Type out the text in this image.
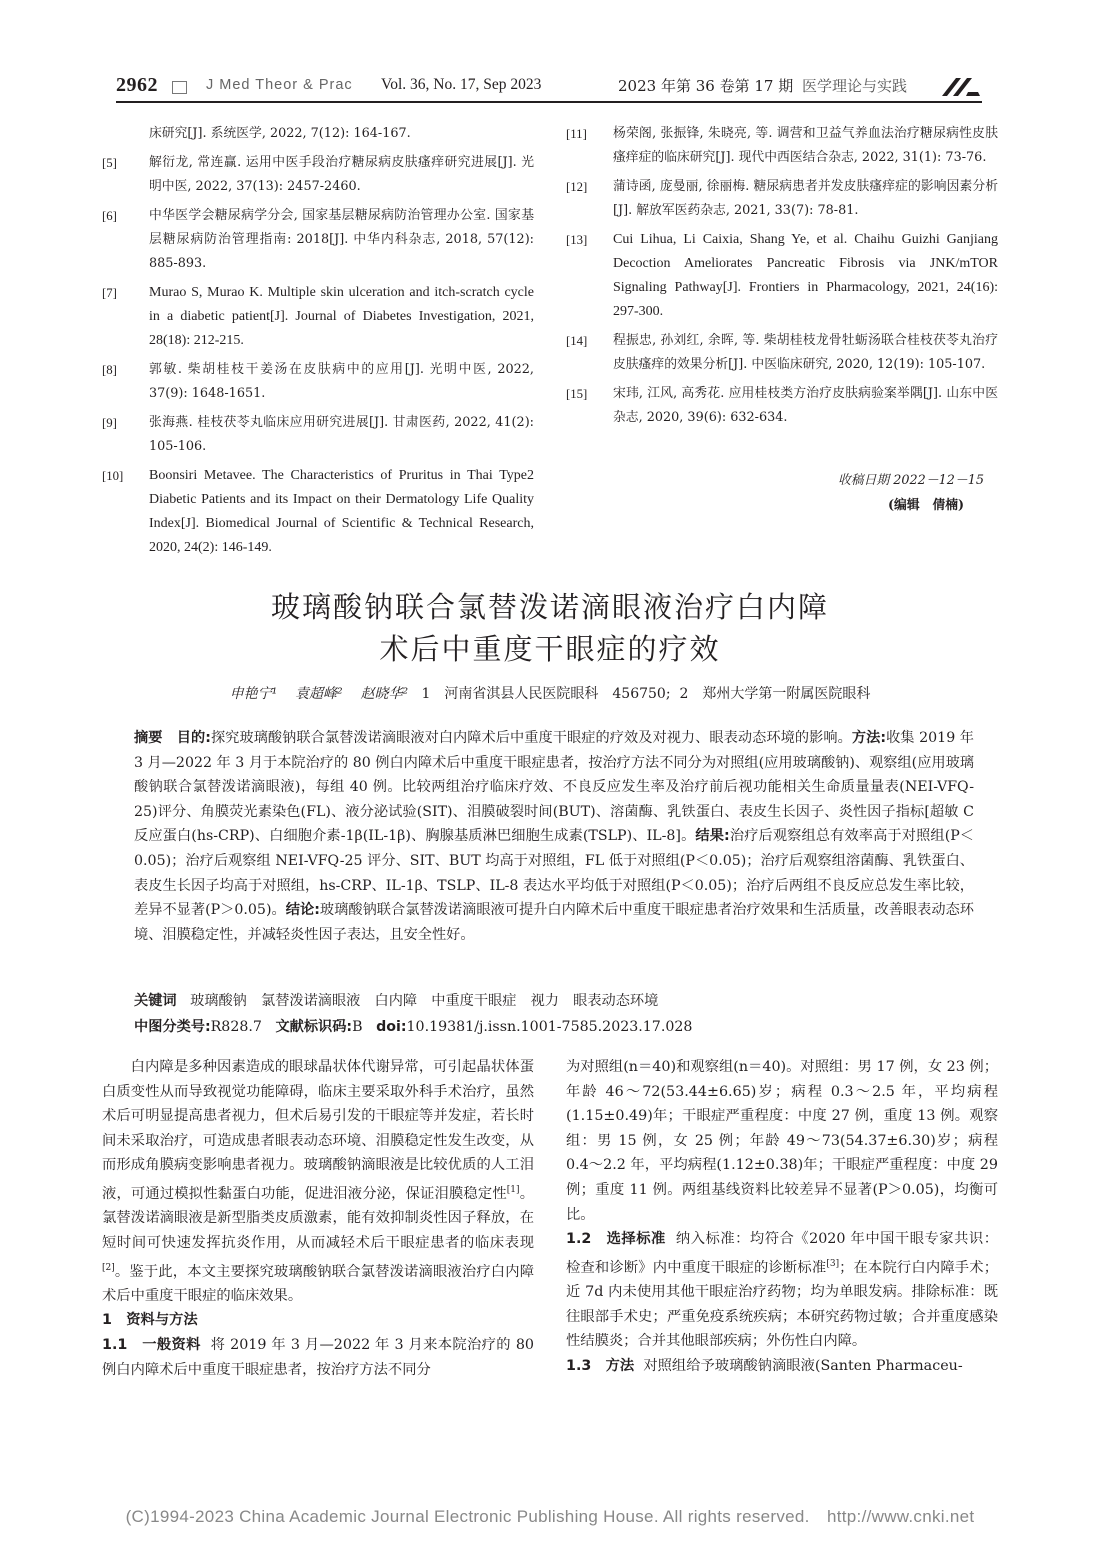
2962	J Med Theor & Prac Vol. 36, No. 17, Sep 2023	2023 年第 36 卷第 17 期 医学理论与实践
床研究[J]. 系统医学, 2022, 7(12): 164-167.
[5]	解衍龙, 常连赢. 运用中医手段治疗糖尿病皮肤瘙痒研究进展[J]. 光明中医, 2022, 37(13): 2457-2460.
[6]	中华医学会糖尿病学分会, 国家基层糖尿病防治管理办公室. 国家基层糖尿病防治管理指南: 2018[J]. 中华内科杂志, 2018, 57(12): 885-893.
[7] Murao S, Murao K. Multiple skin ulceration and itch-scratch cycle in a diabetic patient[J]. Journal of Diabetes Investigation, 2021, 28(18): 212-215.
[8]	郭敏. 柴胡桂枝干姜汤在皮肤病中的应用[J]. 光明中医, 2022, 37(9): 1648-1651.
[9]	张海燕. 桂枝茯苓丸临床应用研究进展[J]. 甘肃医药, 2022, 41(2): 105-106.
[10] Boonsiri Metavee. The Characteristics of Pruritus in Thai Type2 Diabetic Patients and its Impact on their Dermatology Life Quality Index[J]. Biomedical Journal of Scientific & Technical Research, 2020, 24(2): 146-149.
[11] 杨荣阁, 张振锋, 朱晓亮, 等. 调营和卫益气养血法治疗糖尿病性皮肤瘙痒症的临床研究[J]. 现代中西医结合杂志, 2022, 31(1): 73-76.
[12] 蒲诗函, 庞曼丽, 徐丽梅. 糖尿病患者并发皮肤瘙痒症的影响因素分析[J]. 解放军医药杂志, 2021, 33(7): 78-81.
[13] Cui Lihua, Li Caixia, Shang Ye, et al. Chaihu Guizhi Ganjiang Decoction Ameliorates Pancreatic Fibrosis via JNK/mTOR Signaling Pathway[J]. Frontiers in Pharmacology, 2021, 24(16): 297-300.
[14] 程振忠, 孙刘红, 余晖, 等. 柴胡桂枝龙骨牡蛎汤联合桂枝茯苓丸治疗皮肤瘙痒的效果分析[J]. 中医临床研究, 2020, 12(19): 105-107.
[15] 宋玮, 江风, 高秀花. 应用桂枝类方治疗皮肤病验案举隅[J]. 山东中医杂志, 2020, 39(6): 632-634.
收稿日期 2022－12－15
(编辑　倩楠)
玻璃酸钠联合氯替泼诺滴眼液治疗白内障
术后中重度干眼症的疗效
申艳宁¹ 袁超峰² 赵晓华² 1　河南省淇县人民医院眼科　456750; 2　郑州大学第一附属医院眼科
摘要　目的:探究玻璃酸钠联合氯替泼诺滴眼液对白内障术后中重度干眼症的疗效及对视力、眼表动态环境的影响。方法:收集 2019 年 3 月—2022 年 3 月于本院治疗的 80 例白内障术后中重度干眼症患者，按治疗方法不同分为对照组(应用玻璃酸钠)、观察组(应用玻璃酸钠联合氯替泼诺滴眼液)，每组 40 例。比较两组治疗临床疗效、不良反应发生率及治疗前后视功能相关生命质量量表(NEI-VFQ-25)评分、角膜荧光素染色(FL)、液分泌试验(SIT)、泪膜破裂时间(BUT)、溶菌酶、乳铁蛋白、表皮生长因子、炎性因子指标[超敏 C 反应蛋白(hs-CRP)、白细胞介素-1β(IL-1β)、胸腺基质淋巴细胞生成素(TSLP)、IL-8]。结果:治疗后观察组总有效率高于对照组(P＜0.05)；治疗后观察组 NEI-VFQ-25 评分、SIT、BUT 均高于对照组，FL 低于对照组(P＜0.05)；治疗后观察组溶菌酶、乳铁蛋白、表皮生长因子均高于对照组，hs-CRP、IL-1β、TSLP、IL-8 表达水平均低于对照组(P＜0.05)；治疗后两组不良反应总发生率比较，差异不显著(P＞0.05)。结论:玻璃酸钠联合氯替泼诺滴眼液可提升白内障术后中重度干眼症患者治疗效果和生活质量，改善眼表动态环境、泪膜稳定性，并减轻炎性因子表达，且安全性好。
关键词 玻璃酸钠　氯替泼诺滴眼液　白内障　中重度干眼症　视力　眼表动态环境
中图分类号:R828.7 文献标识码:B doi:10.19381/j.issn.1001-7585.2023.17.028

白内障是多种因素造成的眼球晶状体代谢异常，可引起晶状体蛋白质变性从而导致视觉功能障碍，临床主要采取外科手术治疗，虽然术后可明显提高患者视力，但术后易引发的干眼症等并发症，若长时间未采取治疗，可造成患者眼表动态环境、泪膜稳定性发生改变，从而形成角膜病变影响患者视力。玻璃酸钠滴眼液是比较优质的人工泪液，可通过模拟性黏蛋白功能，促进泪液分泌，保证泪膜稳定性[1]。氯替泼诺滴眼液是新型脂类皮质激素，能有效抑制炎性因子释放，在短时间可快速发挥抗炎作用，从而减轻术后干眼症患者的临床表现[2]。鉴于此，本文主要探究玻璃酸钠联合氯替泼诺滴眼液治疗白内障术后中重度干眼症的临床效果。

1　资料与方法

1.1　一般资料 将 2019 年 3 月—2022 年 3 月来本院治疗的 80 例白内障术后中重度干眼症患者，按治疗方法不同分

为对照组(n＝40)和观察组(n＝40)。对照组：男 17 例，女 23 例；年龄 46～72(53.44±6.65)岁；病程 0.3～2.5 年，平均病程(1.15±0.49)年；干眼症严重程度：中度 27 例，重度 13 例。观察组：男 15 例，女 25 例；年龄 49～73(54.37±6.30)岁；病程 0.4～2.2 年，平均病程(1.12±0.38)年；干眼症严重程度：中度 29 例；重度 11 例。两组基线资料比较差异不显著(P＞0.05)，均衡可比。

1.2　选择标准 纳入标准：均符合《2020 年中国干眼专家共识：检查和诊断》内中重度干眼症的诊断标准[3]；在本院行白内障手术；近 7d 内未使用其他干眼症治疗药物；均为单眼发病。排除标准：既往眼部手术史；严重免疫系统疾病；本研究药物过敏；合并重度感染性结膜炎；合并其他眼部疾病；外伤性白内障。

1.3　方法 对照组给予玻璃酸钠滴眼液(Santen Pharmaceu-

(C)1994-2023 China Academic Journal Electronic Publishing House. All rights reserved.　http://www.cnki.net
